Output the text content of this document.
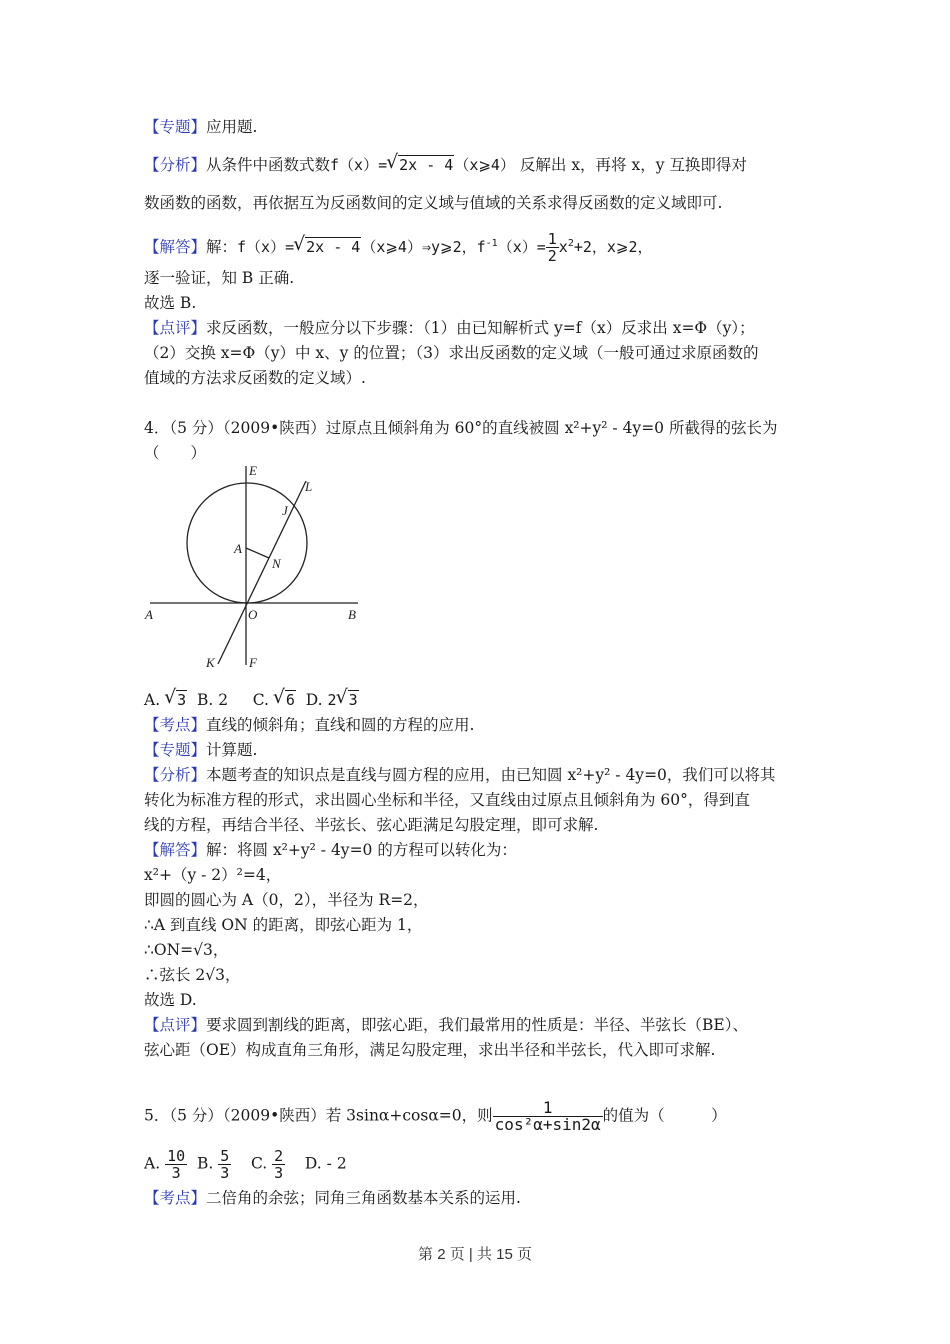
【专题】应用题.
【分析】从条件中函数式数f（x）= √ 2x - 4（x⩾4） 反解出 x，再将 x，y 互换即得对
数函数的函数，再依据互为反函数间的定义域与值域的关系求得反函数的定义域即可.
【解答】解：f（x）= √ 2x - 4（x⩾4）⇒y⩾2，$f^{-1}(x)= \frac{1}{2} x^2+2$，x⩾2，
逐一验证，知 B 正确.
故选 B.
【点评】求反函数，一般应分以下步骤：（1）由已知解析式 y=f（x）反求出 x=Φ（y）；
（2）交换 x=Φ（y）中 x、y 的位置；（3）求出反函数的定义域（一般可通过求原函数的
值域的方法求反函数的定义域）.
4．（5 分）（2009•陕西）过原点且倾斜角为 60°的直线被圆 x²+y² - 4y=0 所截得的弦长为
（　　）
A. √ 3 B. 2 C. √ 6 D. 2 √ 3
【考点】直线的倾斜角；直线和圆的方程的应用.
【专题】计算题.
【分析】本题考查的知识点是直线与圆方程的应用，由已知圆 x²+y² - 4y=0，我们可以将其
转化为标准方程的形式，求出圆心坐标和半径，又直线由过原点且倾斜角为 60°，得到直
线的方程，再结合半径、半弦长、弦心距满足勾股定理，即可求解.
【解答】解：将圆 x²+y² - 4y=0 的方程可以转化为：
x²+（y - 2）²=4，
即圆的圆心为 A（0，2），半径为 R=2，
∴A 到直线 ON 的距离，即弦心距为 1，
∴ON=√3，
∴弦长 2√3，
故选 D.
【点评】要求圆到割线的距离，即弦心距，我们最常用的性质是：半径、半弦长（BE）、
弦心距（OE）构成直角三角形，满足勾股定理，求出半径和半弦长，代入即可求解.
5．（5 分）（2009•陕西）若 3sinα+cosα=0，则 $\frac{1}{\text{cos²α+sin2α}}$ 的值为（　　　）
A. $\frac{10}{3} B$. $\frac{5}{3} C$. $\frac{2}{3} D$. - 2
【考点】二倍角的余弦；同角三角函数基本关系的运用.
E
L
J
A
N
A	O	B
K	F
第 2 页 | 共 15 页
